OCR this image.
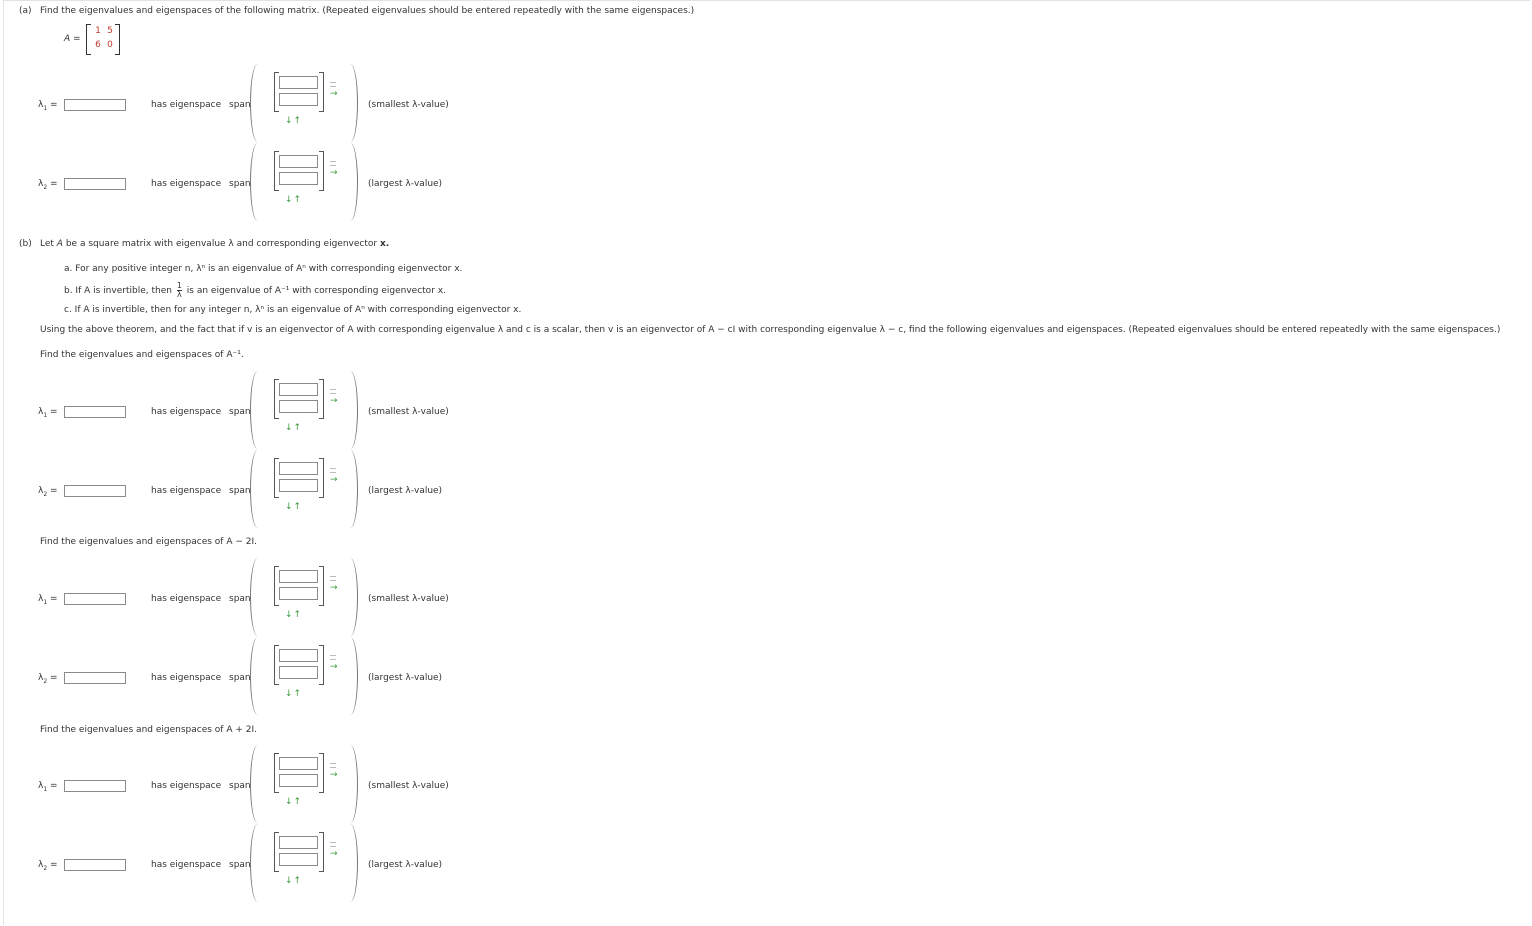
(a) Find the eigenvalues and eigenspaces of the following matrix. (Repeated eigenvalues should be entered repeatedly with the same eigenspaces.)
A =
1 5
6 0
$\lambda_1$ =	has eigenspace span
→
↓↑
(smallest λ-value)
$\lambda_2$ =	has eigenspace span
→
↓↑
(largest λ-value)
(b) Let A be a square matrix with eigenvalue λ and corresponding eigenvector x.
a. For any positive integer n, λⁿ is an eigenvalue of Aⁿ with corresponding eigenvector x.
b. If A is invertible, then $\frac{1}{\lambda}$ is an eigenvalue of A⁻¹ with corresponding eigenvector x.
c. If A is invertible, then for any integer n, λⁿ is an eigenvalue of Aⁿ with corresponding eigenvector x.
Using the above theorem, and the fact that if v is an eigenvector of A with corresponding eigenvalue λ and c is a scalar, then v is an eigenvector of A − cI with corresponding eigenvalue λ − c, find the following eigenvalues and eigenspaces. (Repeated eigenvalues should be entered repeatedly with the same eigenspaces.)
Find the eigenvalues and eigenspaces of A⁻¹.
$\lambda_1$ =	has eigenspace span
→
↓↑
(smallest λ-value)
$\lambda_2$ =	has eigenspace span
→
↓↑
(largest λ-value)
Find the eigenvalues and eigenspaces of A − 2I.
$\lambda_1$ =	has eigenspace span
→
↓↑
(smallest λ-value)
$\lambda_2$ =	has eigenspace span
→
↓↑
(largest λ-value)
Find the eigenvalues and eigenspaces of A + 2I.
$\lambda_1$ =	has eigenspace span
→
↓↑
(smallest λ-value)
$\lambda_2$ =	has eigenspace span
→
↓↑
(largest λ-value)
